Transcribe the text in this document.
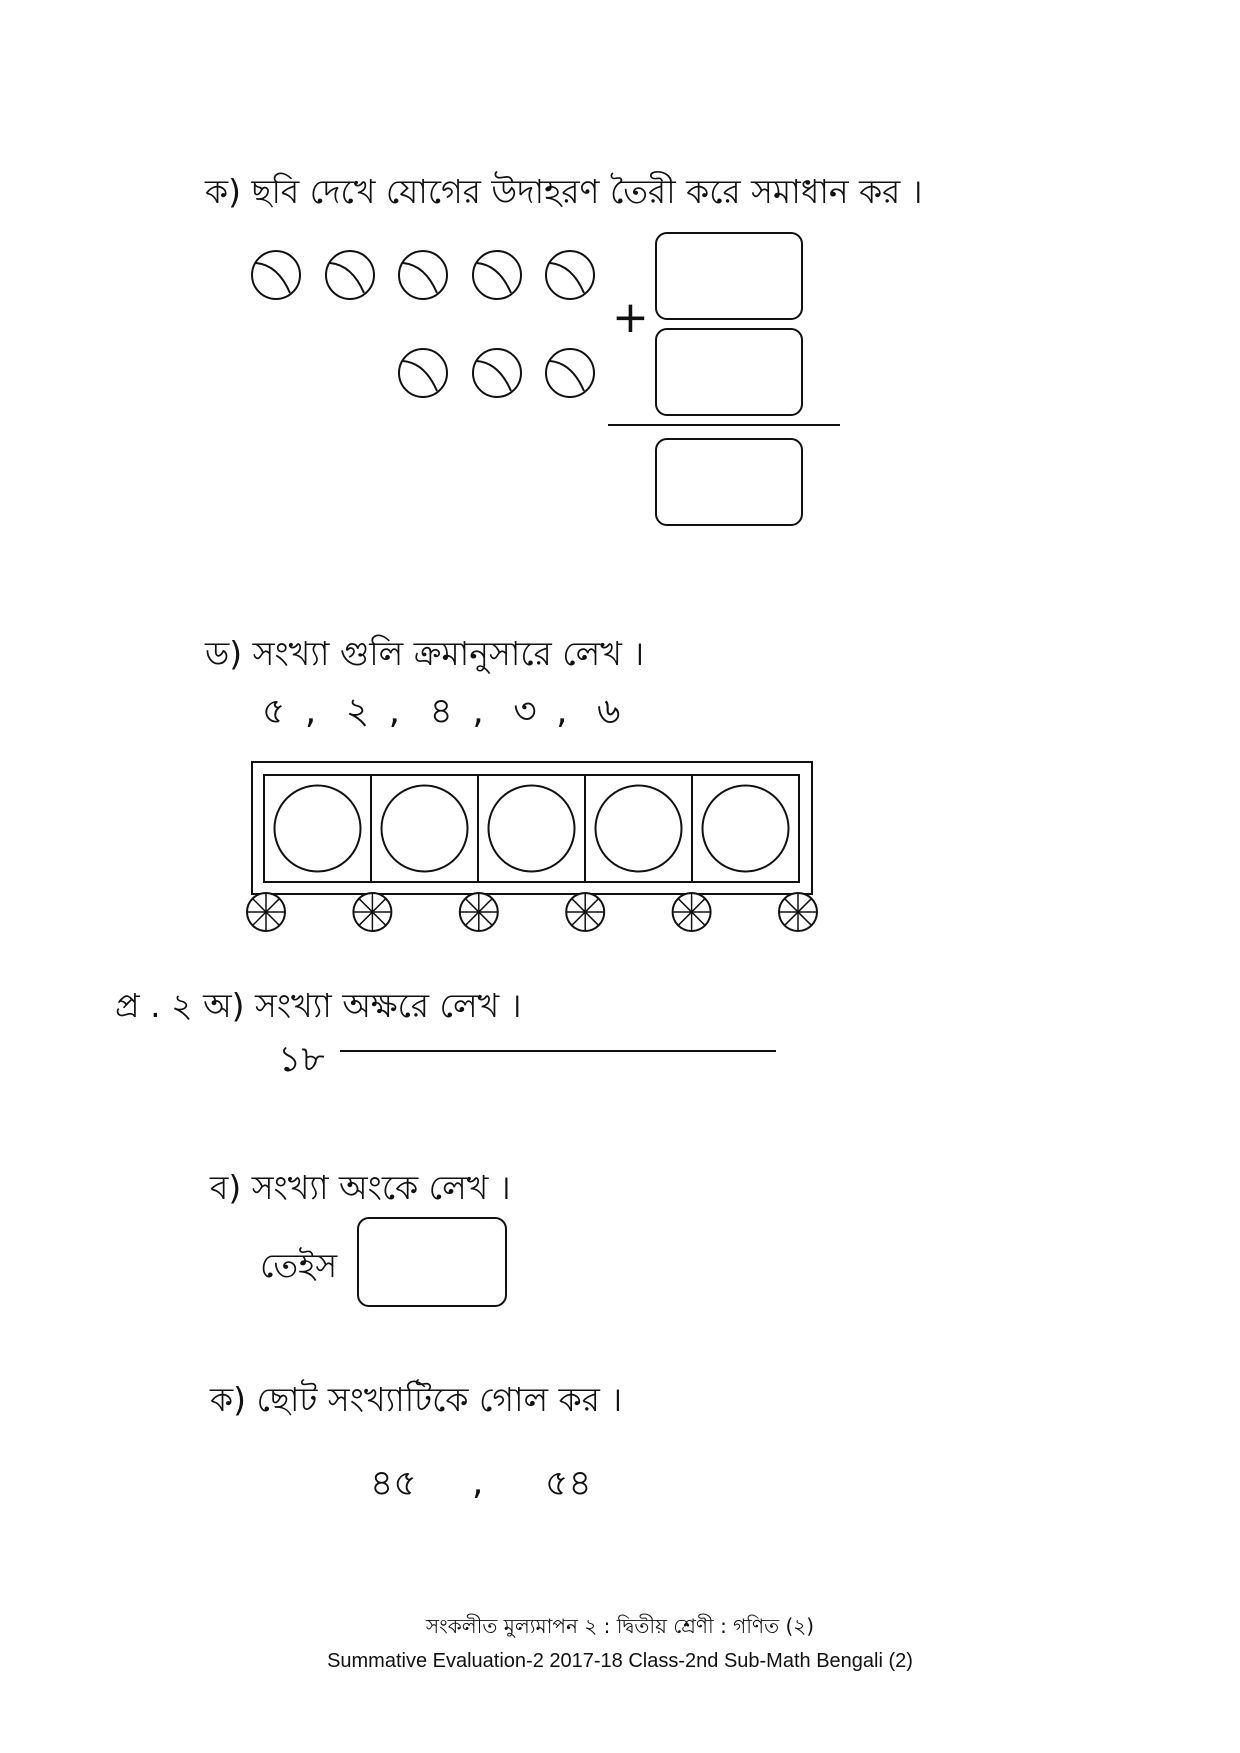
ক) ছবি দেখে যোগের উদাহরণ তৈরী করে সমাধান কর ।
+
ড) সংখ্যা গুলি ক্রমানুসারে লেখ ।
৫ , ২ , ৪ , ৩ , ৬
প্র . ২ অ) সংখ্যা অক্ষরে লেখ ।
১৮
ব) সংখ্যা অংকে লেখ ।
তেইস
ক) ছোট সংখ্যাটিকে গোল কর ।
৪৫ , ৫৪
সংকলীত মুল্যমাপন ২ : দ্বিতীয় শ্রেণী : গণিত (২)
Summative Evaluation-2 2017-18 Class-2nd Sub-Math Bengali (2)
